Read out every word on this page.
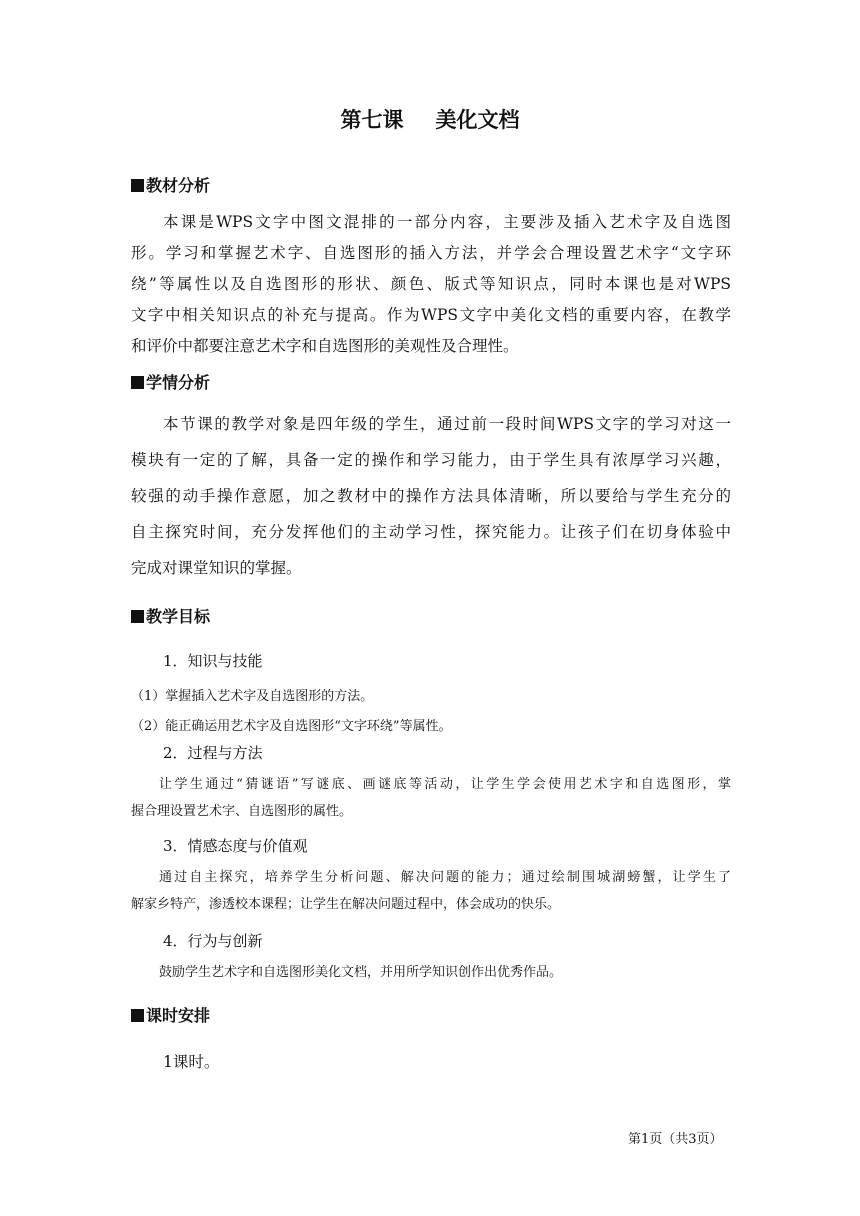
第七课 美化文档
教材分析
本课是WPS文字中图文混排的一部分内容，主要涉及插入艺术字及自选图
形。学习和掌握艺术字、自选图形的插入方法，并学会合理设置艺术字“文字环
绕”等属性以及自选图形的形状、颜色、版式等知识点，同时本课也是对WPS
文字中相关知识点的补充与提高。作为WPS文字中美化文档的重要内容，在教学
和评价中都要注意艺术字和自选图形的美观性及合理性。
学情分析
本节课的教学对象是四年级的学生，通过前一段时间WPS文字的学习对这一
模块有一定的了解，具备一定的操作和学习能力，由于学生具有浓厚学习兴趣，
较强的动手操作意愿，加之教材中的操作方法具体清晰，所以要给与学生充分的
自主探究时间，充分发挥他们的主动学习性，探究能力。让孩子们在切身体验中
完成对课堂知识的掌握。
教学目标
1．知识与技能
（1）掌握插入艺术字及自选图形的方法。
（2）能正确运用艺术字及自选图形“文字环绕”等属性。
2．过程与方法
让学生通过“猜谜语”写谜底、画谜底等活动，让学生学会使用艺术字和自选图形，掌
握合理设置艺术字、自选图形的属性。
3．情感态度与价值观
通过自主探究，培养学生分析问题、解决问题的能力；通过绘制围城湖螃蟹，让学生了
解家乡特产，渗透校本课程；让学生在解决问题过程中，体会成功的快乐。
4．行为与创新
鼓励学生艺术字和自选图形美化文档，并用所学知识创作出优秀作品。
课时安排
1课时。
第1页（共3页）
